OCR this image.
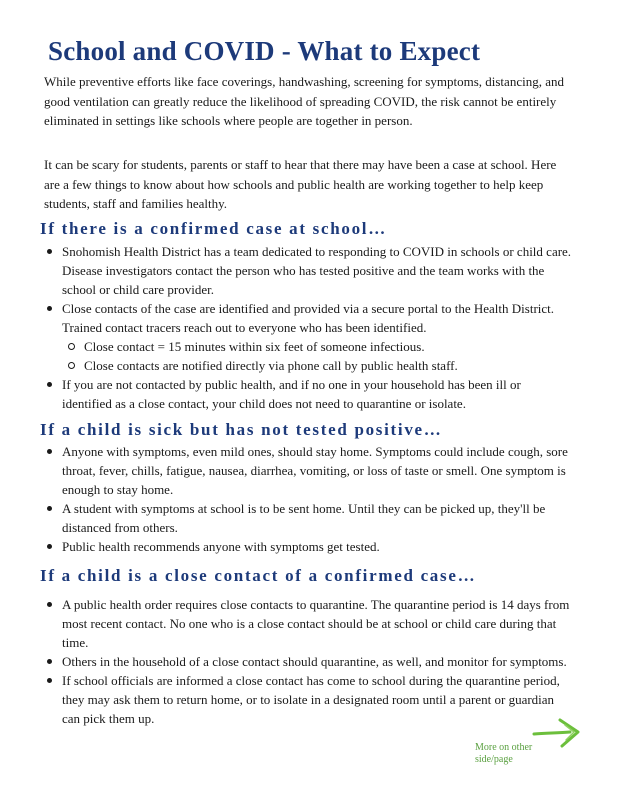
School and COVID - What to Expect
While preventive efforts like face coverings, handwashing, screening for symptoms, distancing, and good ventilation can greatly reduce the likelihood of spreading COVID, the risk cannot be entirely eliminated in settings like schools where people are together in person.
It can be scary for students, parents or staff to hear that there may have been a case at school. Here are a few things to know about how schools and public health are working together to help keep students, staff and families healthy.
If there is a confirmed case at school…
Snohomish Health District has a team dedicated to responding to COVID in schools or child care. Disease investigators contact the person who has tested positive and the team works with the school or child care provider.
Close contacts of the case are identified and provided via a secure portal to the Health District. Trained contact tracers reach out to everyone who has been identified.
Close contact = 15 minutes within six feet of someone infectious.
Close contacts are notified directly via phone call by public health staff.
If you are not contacted by public health, and if no one in your household has been ill or identified as a close contact, your child does not need to quarantine or isolate.
If a child is sick but has not tested positive…
Anyone with symptoms, even mild ones, should stay home. Symptoms could include cough, sore throat, fever, chills, fatigue, nausea, diarrhea, vomiting, or loss of taste or smell. One symptom is enough to stay home.
A student with symptoms at school is to be sent home. Until they can be picked up, they'll be distanced from others.
Public health recommends anyone with symptoms get tested.
If a child is a close contact of a confirmed case…
A public health order requires close contacts to quarantine. The quarantine period is 14 days from most recent contact. No one who is a close contact should be at school or child care during that time.
Others in the household of a close contact should quarantine, as well, and monitor for symptoms.
If school officials are informed a close contact has come to school during the quarantine period, they may ask them to return home, or to isolate in a designated room until a parent or guardian can pick them up.
More on other
side/page
